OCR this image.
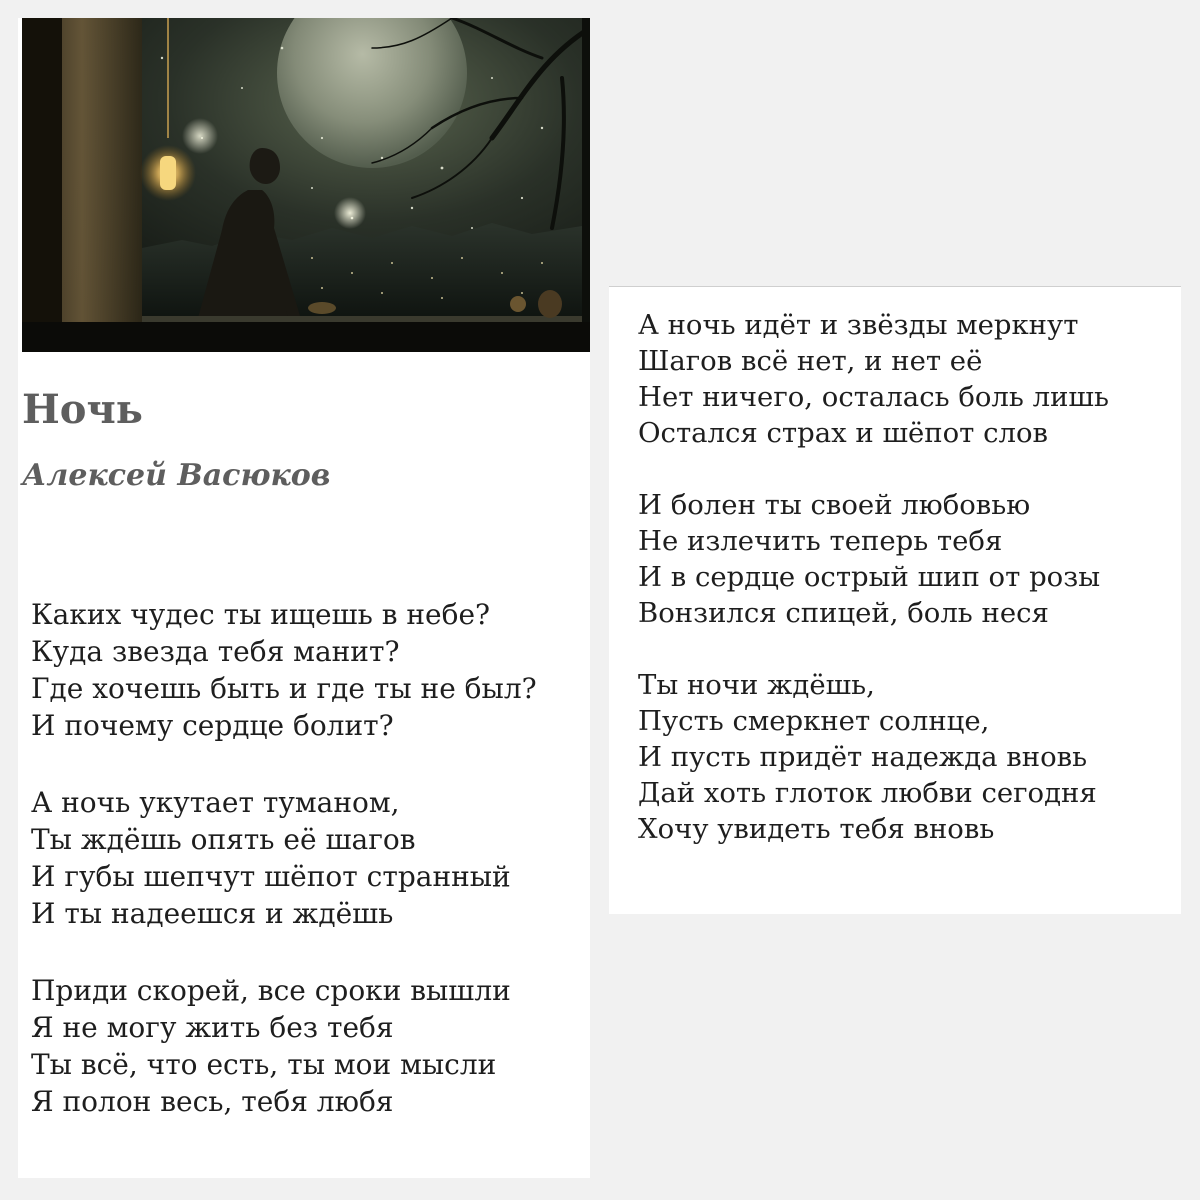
Ночь
Алексей Васюков

Каких чудес ты ищешь в небе?
Куда звезда тебя манит?
Где хочешь быть и где ты не был?
И почему сердце болит?

А ночь укутает туманом,
Ты ждёшь опять её шагов
И губы шепчут шёпот странный
И ты надеешся и ждёшь

Приди скорей, все сроки вышли
Я не могу жить без тебя
Ты всё, что есть, ты мои мысли
Я полон весь, тебя любя

А ночь идёт и звёзды меркнут
Шагов всё нет, и нет её
Нет ничего, осталась боль лишь
Остался страх и шёпот слов

И болен ты своей любовью
Не излечить теперь тебя
И в сердце острый шип от розы
Вонзился спицей, боль неся

Ты ночи ждёшь,
Пусть смеркнет солнце,
И пусть придёт надежда вновь
Дай хоть глоток любви сегодня
Хочу увидеть тебя вновь
